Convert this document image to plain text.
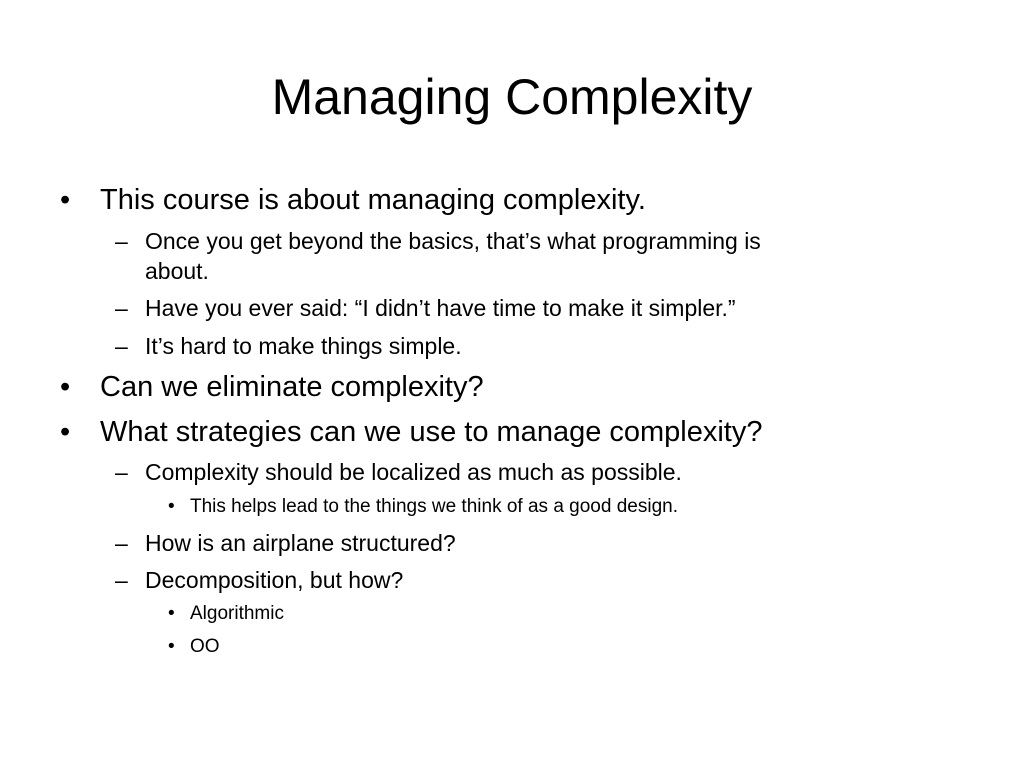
Managing Complexity
• This course is about managing complexity.
– Once you get beyond the basics, that’s what programming is
about.
– Have you ever said: “I didn’t have time to make it simpler.”
– It’s hard to make things simple.
• Can we eliminate complexity?
• What strategies can we use to manage complexity?
– Complexity should be localized as much as possible.
• This helps lead to the things we think of as a good design.
– How is an airplane structured?
– Decomposition, but how?
• Algorithmic
• OO
